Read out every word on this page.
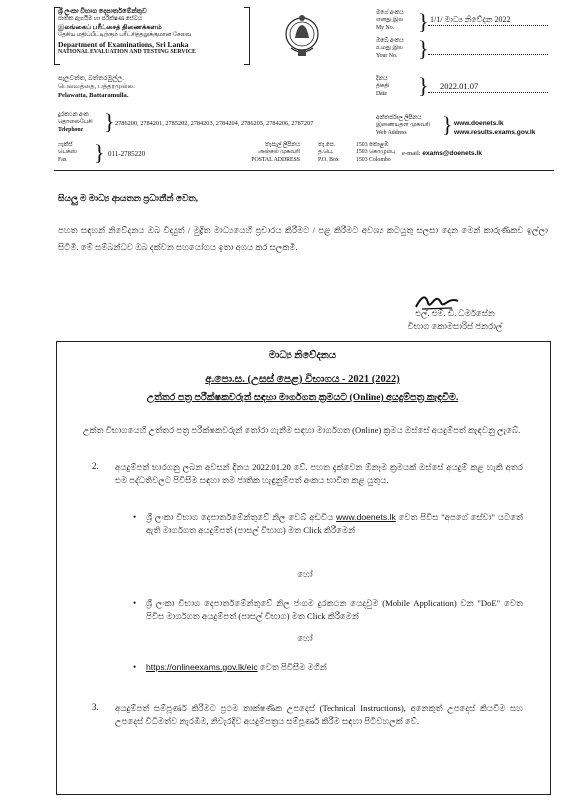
ශ්‍රී ලංකා විභාග දෙපාර්තමේන්තුව
ජාතික ඇගයීම හා පරීක්ෂණ සේවය
இலங்கைப் பரீட்சைத் திணைக்களம்
தேசிய மதிப்பீட்டிற்கும் பரீட்சித்தலுக்குமான சேவை
Department of Examinations, Sri Lanka
NATIONAL EVALUATION AND TESTING SERVICE
මගේ අංකය
எனது இல
My No.	} 1/1/ මාධ්‍ය නිවේදන 2022
ඔබේ අංකය
உமது இல
Your No. }
පැලවත්ත, බත්තරමුල්ල.
பெலவத்தை, பத்தரமுல்ல.
Pelawatta, Battaramulla.
දිනය
திகதி
Date	} 2022.01.07
දුරකථන අංක
தொலைபேசி
Telephone } 2786200, 2784201, 2785202, 2784203, 2784204, 2786205, 2784206, 2787207
අන්තර්ජාල ලිපිනය
இணையதள முகவரி
Web Address	} www.doenets.lk
www.results.exams.gov.lk
ෆැක්ස්
பெக்ஸ்
Fax	} 011-2785220
තැපැල් ලිපිනය
அஞ்சல் முகவரி
POSTAL ADDRESS
තැ.පෙ.
த.பெ.
P.O. Box
1503 කොළඹ
1503 கொழும்பு
1503 Colombo
e-mail: exams@doenets.lk
සියලු ම මාධ්‍ය ආයතන ප්‍රධානීන් වෙත,
පහත සඳහන් නිවේදනය ඔබ විද්‍යුත් / මුද්‍රිත මාධ්‍යයෙහි ප්‍රචාරය කිරීමට / පළ කිරීමට අවශ්‍ය කටයුතු සලසා දෙන මෙන් කාරුණිකව ඉල්ලා සිටිමි. මේ සම්බන්ධව ඔබ දක්වන සහයෝගය ඉතා අගය කර සලකමි.
එල්. එම්. ඩී. ධර්මසේන
විභාග කොමසාරිස් ජනරාල්
මාධ්‍ය නිවේදනය
අ.පො.ස. (උසස් පෙළ) විභාගය - 2021 (2022)
උත්තර පත්‍ර පරීක්ෂකවරුන් සඳහා මාර්ගගත ක්‍රමයට (Online) අයදුම්පත්‍ර කැඳවීම.
උක්ත විභාගයෙහි උත්තර පත්‍ර පරීක්ෂකවරුන් තෝරා ගැනීම සඳහා මාර්ගගත (Online) ක්‍රමය ඔස්සේ අයදුම්පත් කැඳවනු ලැබේ.
2. අයදුම්පත් භාරගනු ලබන අවසන් දිනය 2022.01.20 වේ. පහත දැක්වෙන ඕනෑම ක්‍රමයක් ඔස්සේ අයදුම් කළ හැකි අතර එම පද්ධතිවලට පිවිසීම සඳහා තම ජාතික හැඳුනුම්පත් අංකය භාවිත කළ යුතුය.
• ශ්‍රී ලංකා විභාග දෙපාර්තමේන්තුවේ නිල වෙබ් අඩවිය www.doenets.lk වෙත පිවිස "අපගේ සේවා" යටතේ ඇති මාර්ගගත අයදුම්පත් (පාසල් විභාග) මත Click කිරීමෙන්
හෝ
• ශ්‍රී ලංකා විභාග දෙපාර්තමේන්තුවේ නිල ජංගම දුරකථන යෙදවුම (Mobile Application) වන "DoE" වෙත පිවිස මාර්ගගත අයදුම්පත් (පාසල් විභාග) මත Click කිරීමෙන්
හෝ
• https://onlineexams.gov.lk/eic වෙත පිවිසීම මගින්
3. අයදුම්පත් සම්පූර්ණ කිරීමට ප්‍රථම තාක්ෂණික උපදෙස් (Technical Instructions), අනෙකුත් උපදෙස් කියවීම සහ උපදෙස් විධිමත්ව නැරඹීම, නිවැරදිව අයදුම්පත්‍රය සම්පූර්ණ කිරීම සඳහා පිටිවහලක් වේ.
